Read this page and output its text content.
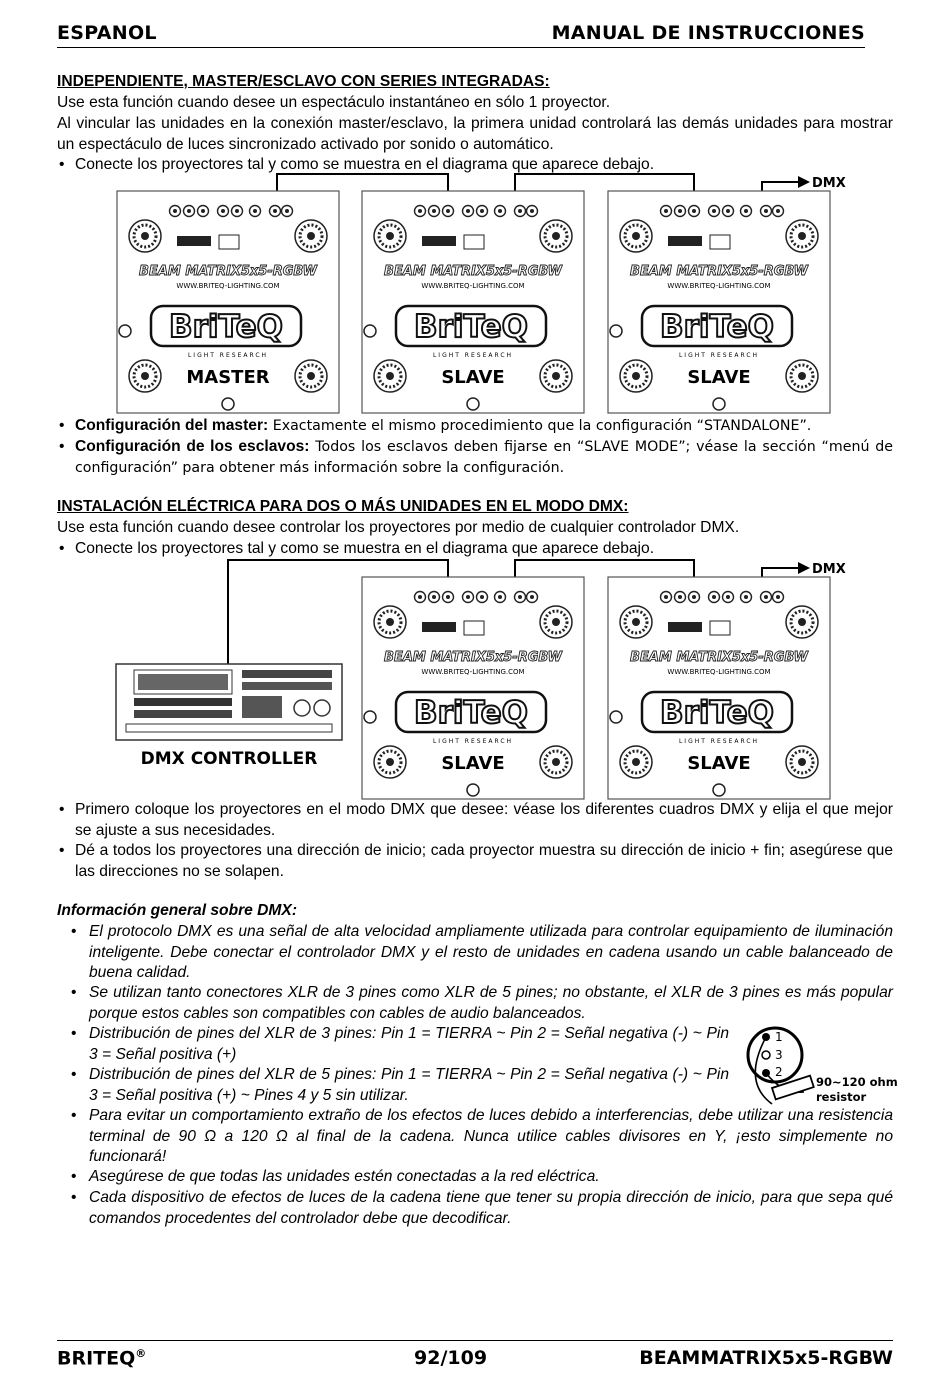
ESPANOL	MANUAL DE INSTRUCCIONES
INDEPENDIENTE, MASTER/ESCLAVO CON SERIES INTEGRADAS:
Use esta función cuando desee un espectáculo instantáneo en sólo 1 proyector.
Al vincular las unidades en la conexión master/esclavo, la primera unidad controlará las demás unidades para mostrar un espectáculo de luces sincronizado activado por sonido o automático.
• Conecte los proyectores tal y como se muestra en el diagrama que aparece debajo.
DMX
BEAM MATRIX5x5-RGBW
WWW.BRITEQ-LIGHTING.COM
BriTeQ
LIGHT RESEARCH
MASTER
BEAM MATRIX5x5-RGBW
WWW.BRITEQ-LIGHTING.COM
BriTeQ
LIGHT RESEARCH
SLAVE
BEAM MATRIX5x5-RGBW
WWW.BRITEQ-LIGHTING.COM
BriTeQ
LIGHT RESEARCH
SLAVE
• Configuración del master: Exactamente el mismo procedimiento que la configuración “STANDALONE”.
• Configuración de los esclavos: Todos los esclavos deben fijarse en “SLAVE MODE”; véase la sección “menú de configuración” para obtener más información sobre la configuración.
INSTALACIÓN ELÉCTRICA PARA DOS O MÁS UNIDADES EN EL MODO DMX:
Use esta función cuando desee controlar los proyectores por medio de cualquier controlador DMX.
• Conecte los proyectores tal y como se muestra en el diagrama que aparece debajo.
DMX
DMX CONTROLLER
BEAM MATRIX5x5-RGBW
WWW.BRITEQ-LIGHTING.COM
BriTeQ
LIGHT RESEARCH
SLAVE
BEAM MATRIX5x5-RGBW
WWW.BRITEQ-LIGHTING.COM
BriTeQ
LIGHT RESEARCH
SLAVE
• Primero coloque los proyectores en el modo DMX que desee: véase los diferentes cuadros DMX y elija el que mejor se ajuste a sus necesidades.
• Dé a todos los proyectores una dirección de inicio; cada proyector muestra su dirección de inicio + fin; asegúrese que las direcciones no se solapen.
Información general sobre DMX:
• El protocolo DMX es una señal de alta velocidad ampliamente utilizada para controlar equipamiento de iluminación inteligente. Debe conectar el controlador DMX y el resto de unidades en cadena usando un cable balanceado de buena calidad.
• Se utilizan tanto conectores XLR de 3 pines como XLR de 5 pines; no obstante, el XLR de 3 pines es más popular porque estos cables son compatibles con cables de audio balanceados.
• Distribución de pines del XLR de 3 pines: Pin 1 = TIERRA ~ Pin 2 = Señal negativa (-) ~ Pin 3 = Señal positiva (+)
• Distribución de pines del XLR de 5 pines: Pin 1 = TIERRA ~ Pin 2 = Señal negativa (-) ~ Pin 3 = Señal positiva (+) ~ Pines 4 y 5 sin utilizar.
• Para evitar un comportamiento extraño de los efectos de luces debido a interferencias, debe utilizar una resistencia terminal de 90 Ω a 120 Ω al final de la cadena. Nunca utilice cables divisores en Y, ¡esto simplemente no funcionará!
• Asegúrese de que todas las unidades estén conectadas a la red eléctrica.
• Cada dispositivo de efectos de luces de la cadena tiene que tener su propia dirección de inicio, para que sepa qué comandos procedentes del controlador debe que decodificar.
1
3
2
90~120 ohm
resistor
BRITEQ®	92/109	BEAMMATRIX5x5-RGBW
